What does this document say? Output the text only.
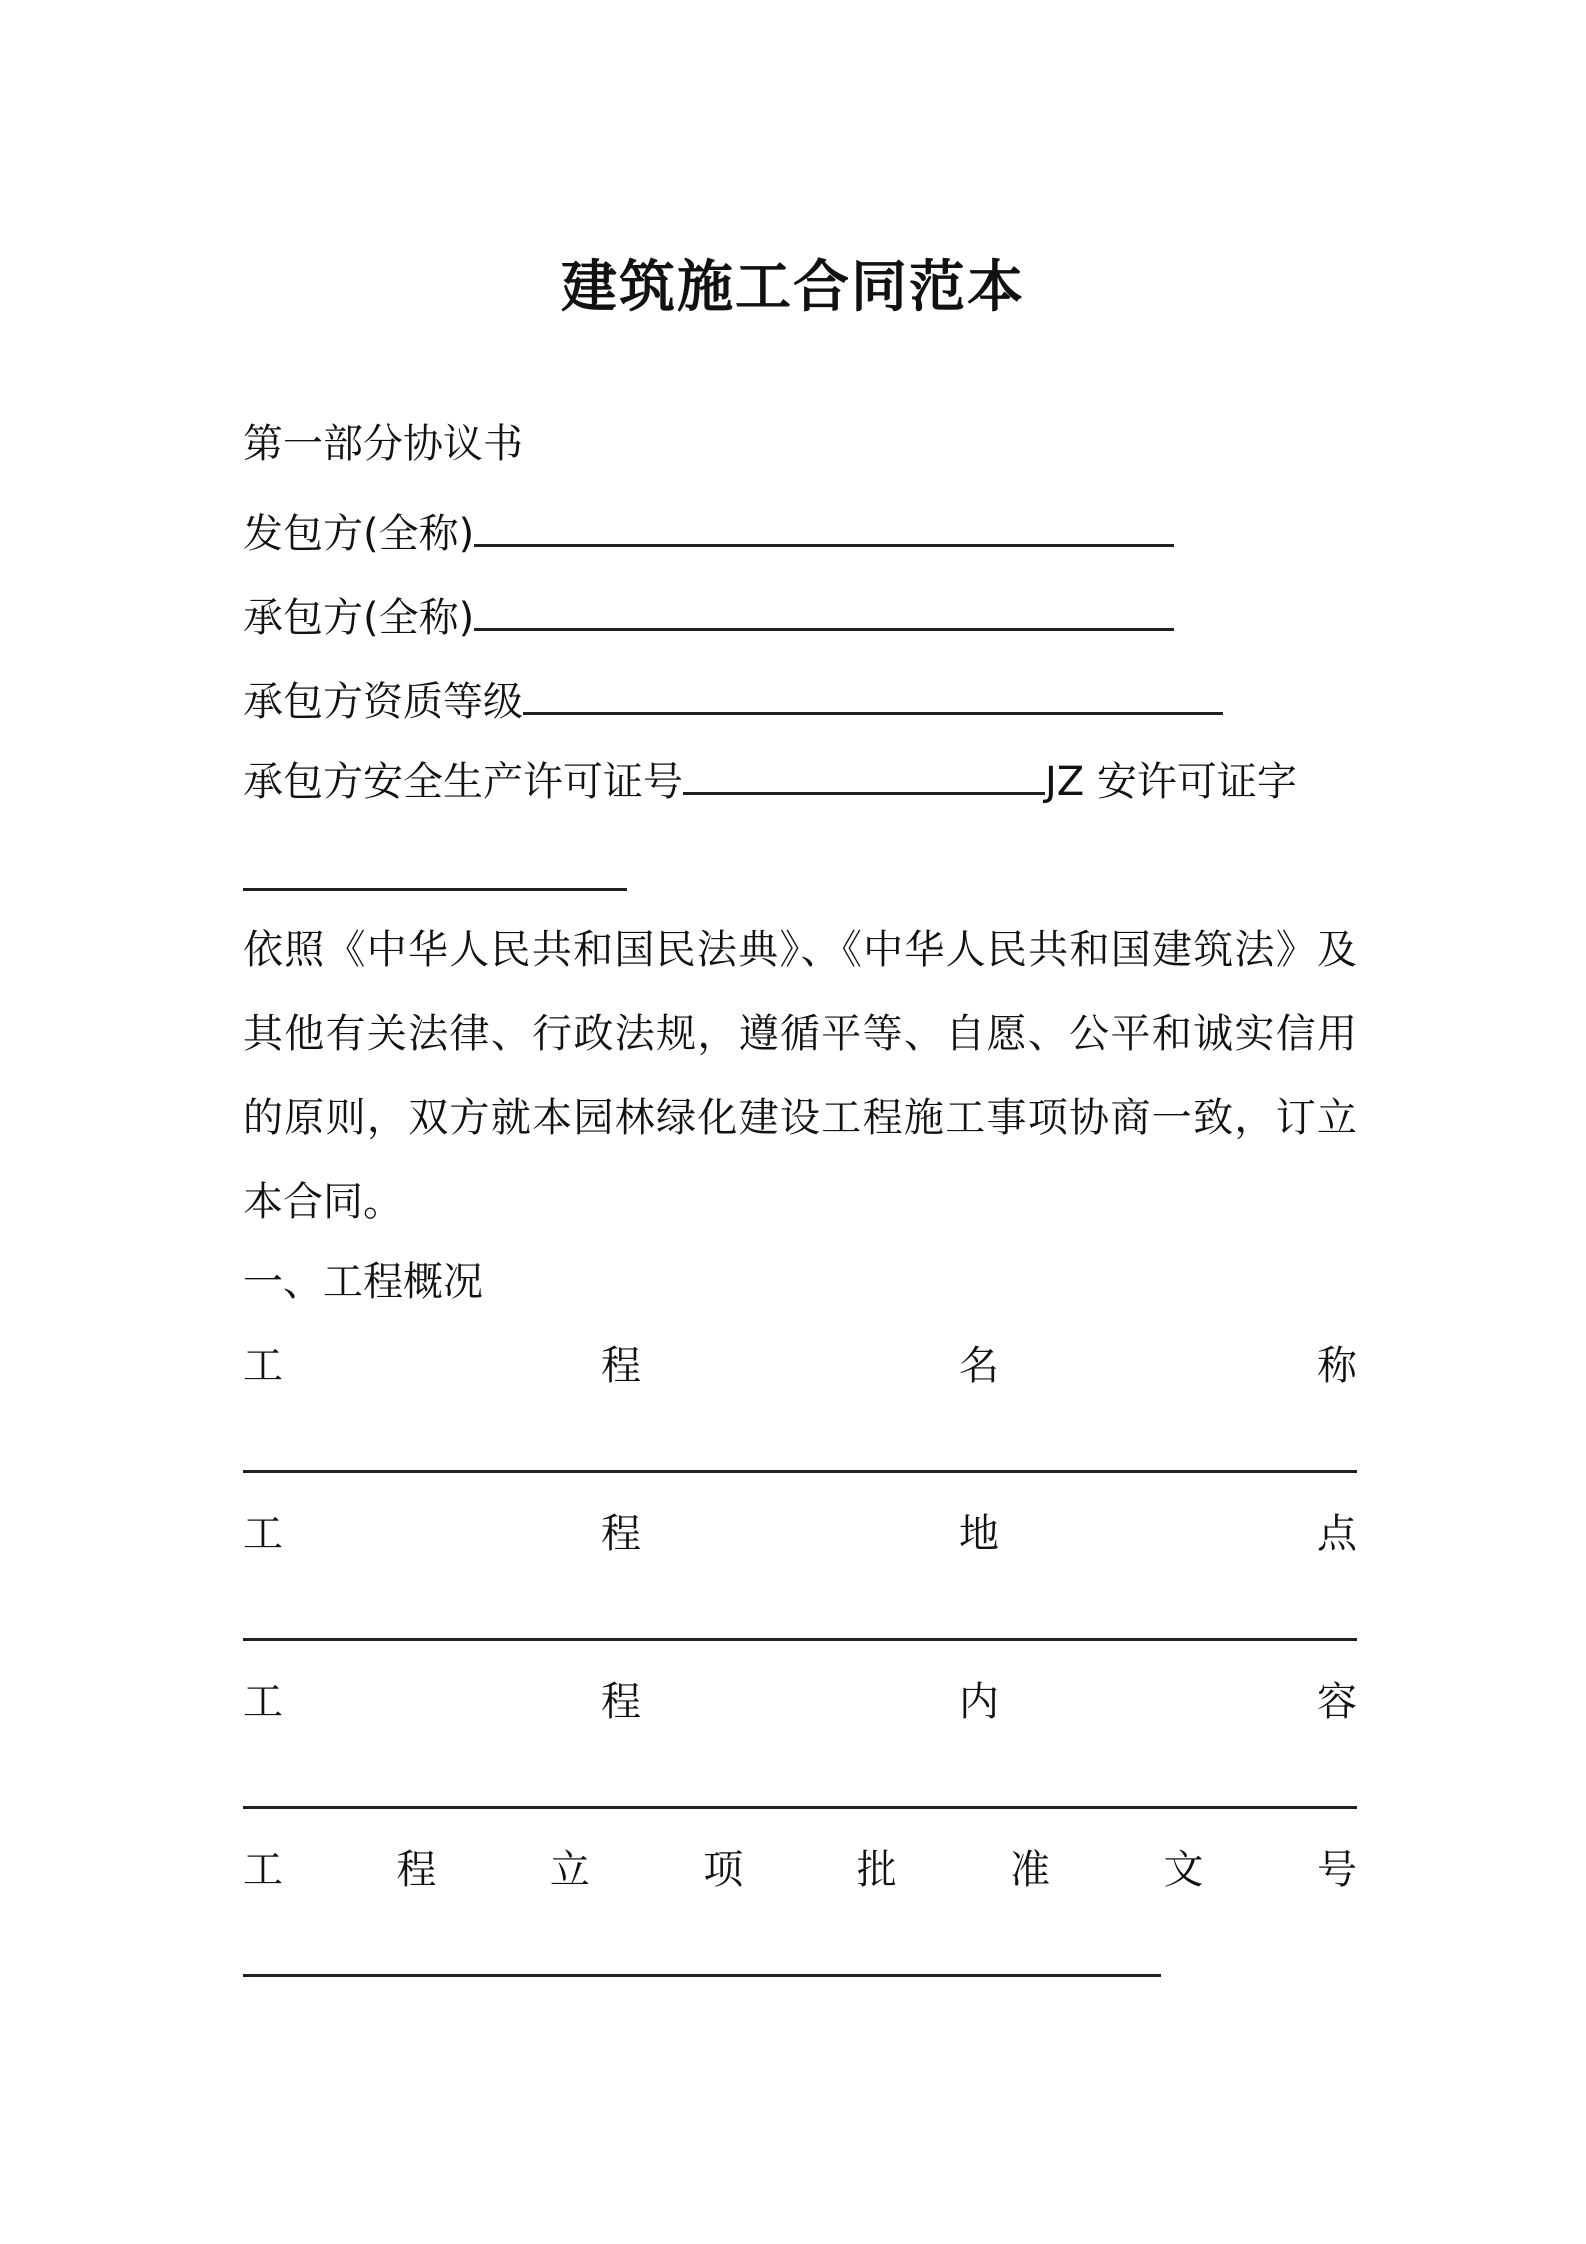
建筑施工合同范本
第一部分协议书
发包方(全称)
承包方(全称)
承包方资质等级
承包方安全生产许可证号	JZ 安许可证字
依照《中华人民共和国民法典》、《中华人民共和国建筑法》及其他有关法律、行政法规，遵循平等、自愿、公平和诚实信用的原则，双方就本园林绿化建设工程施工事项协商一致，订立本合同。
一、工程概况
工	程	名	称
工	程	地	点
工	程	内	容
工	程	立	项	批	准	文	号
